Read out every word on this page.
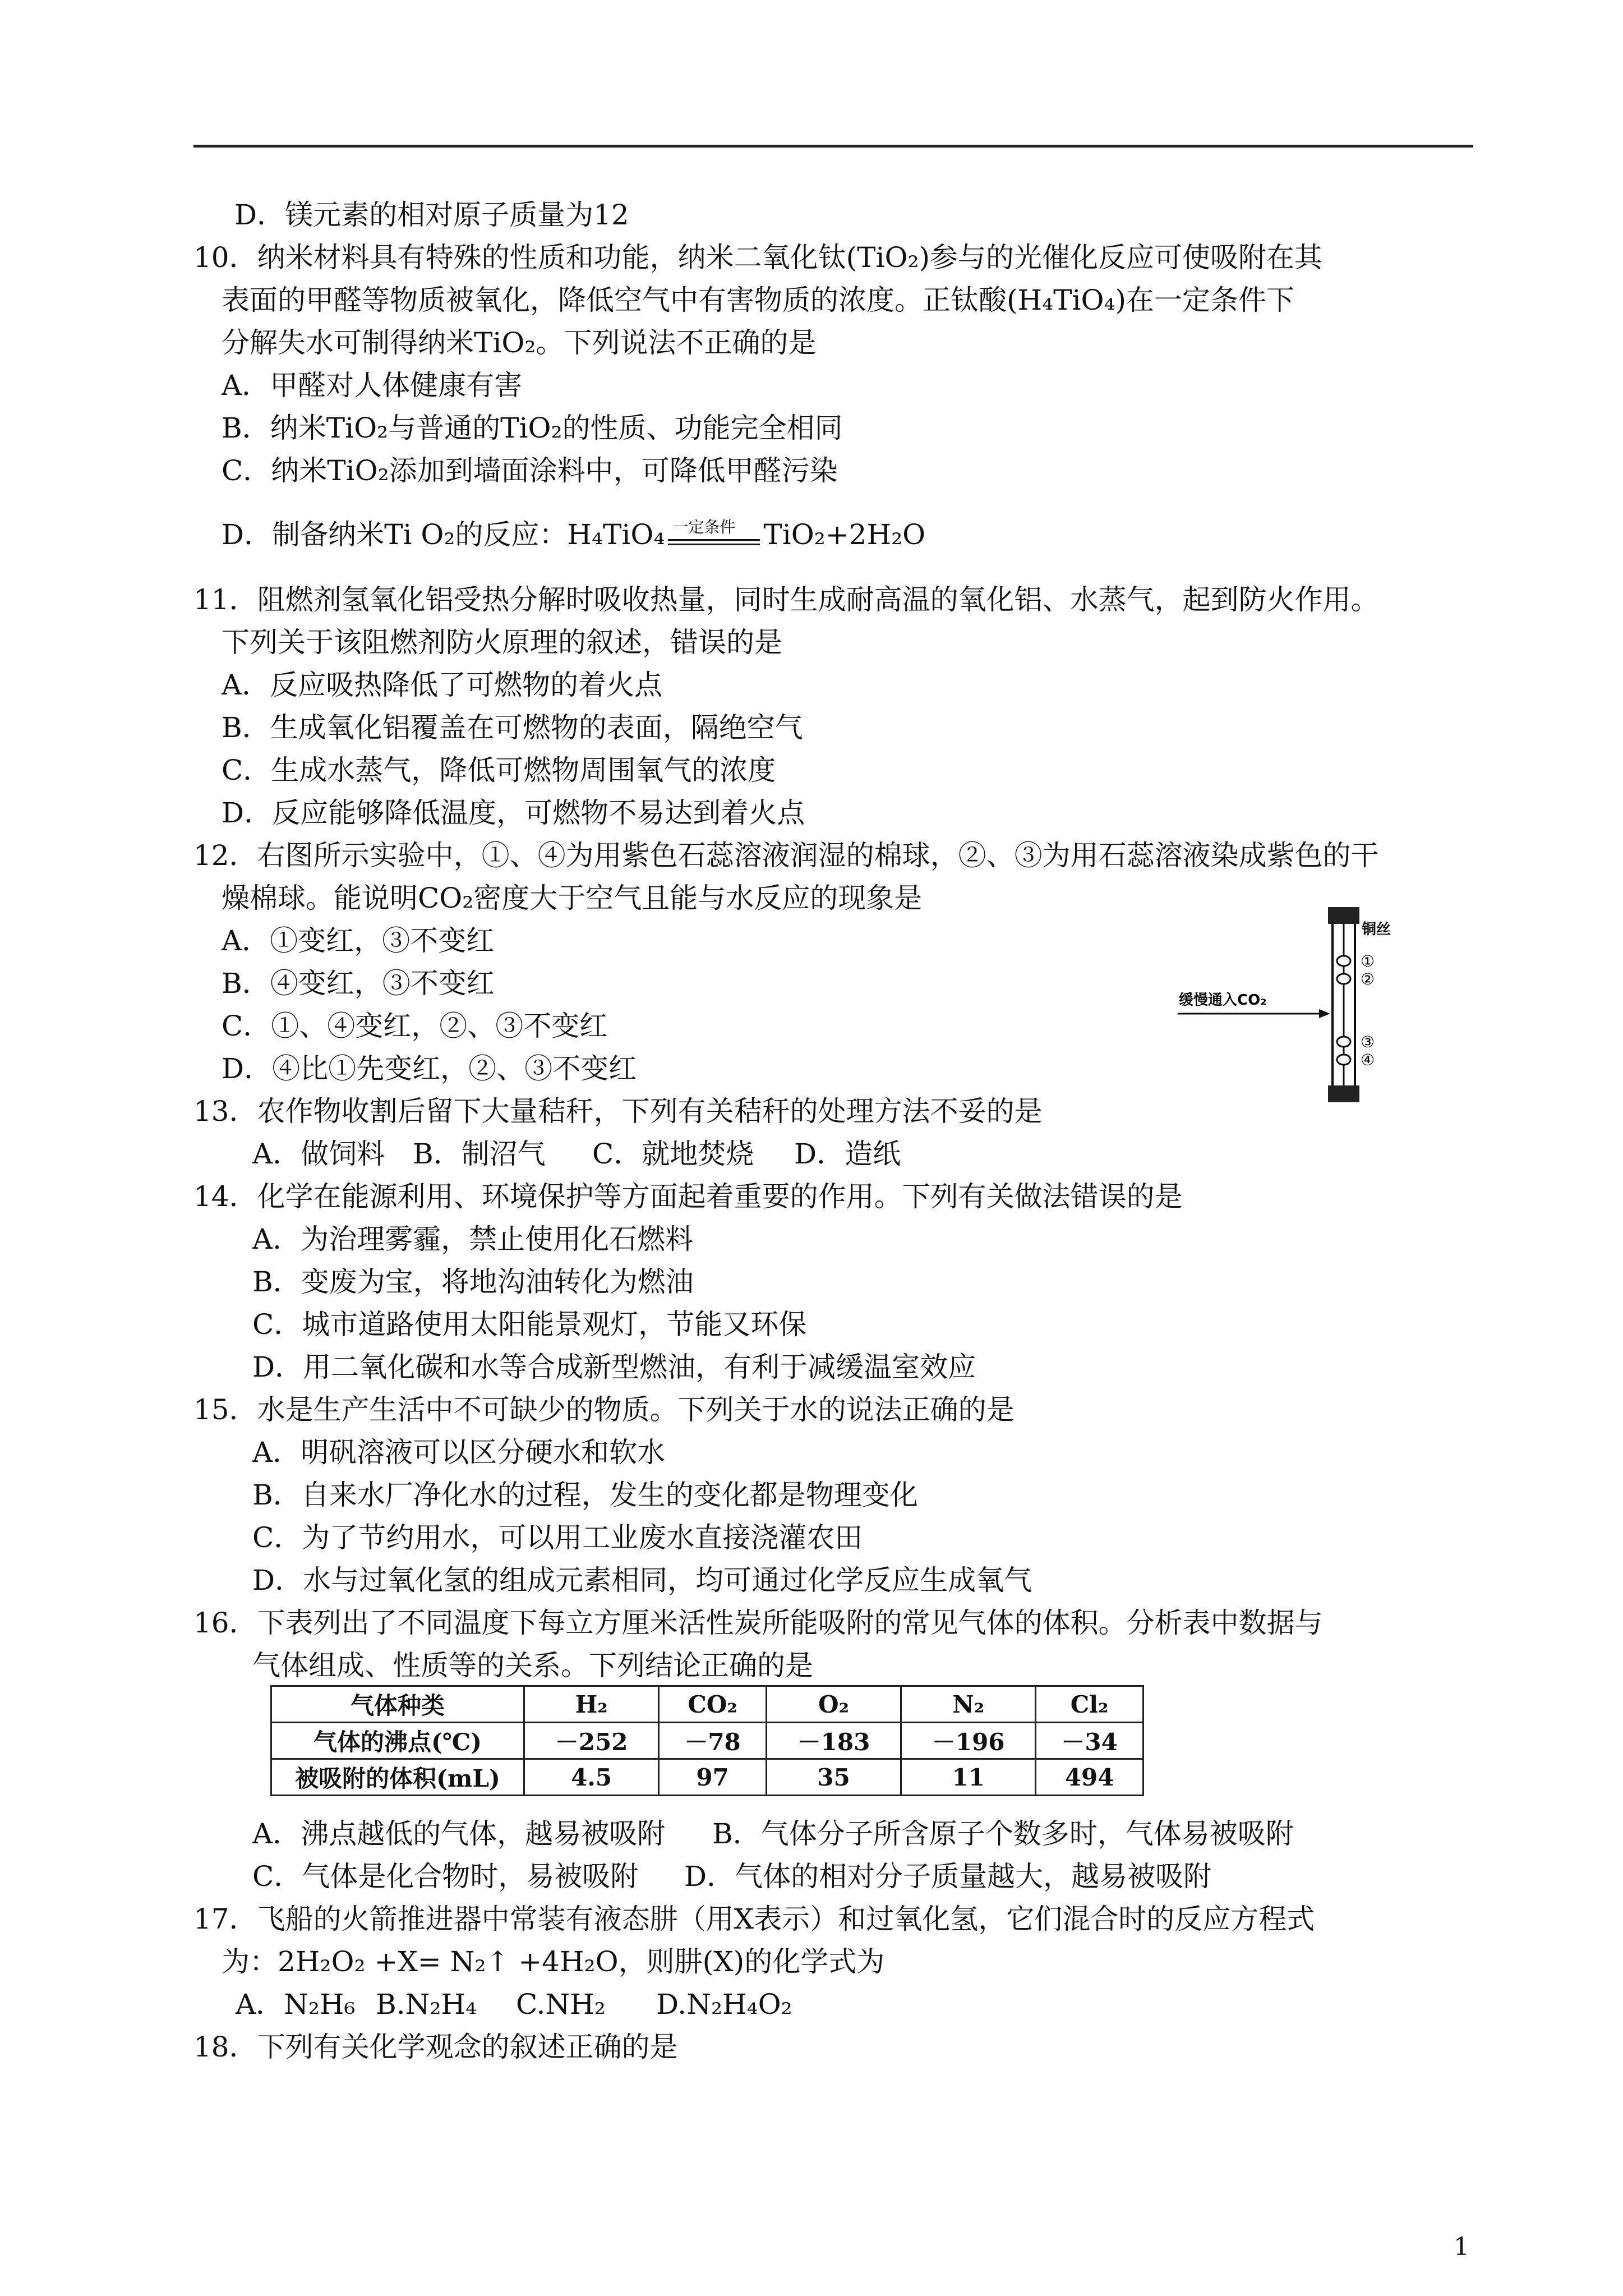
D．镁元素的相对原子质量为12
10．纳米材料具有特殊的性质和功能，纳米二氧化钛(TiO₂)参与的光催化反应可使吸附在其
表面的甲醛等物质被氧化，降低空气中有害物质的浓度。正钛酸(H₄TiO₄)在一定条件下
分解失水可制得纳米TiO₂。下列说法不正确的是
A．甲醛对人体健康有害
B．纳米TiO₂与普通的TiO₂的性质、功能完全相同
C．纳米TiO₂添加到墙面涂料中，可降低甲醛污染
D．制备纳米Ti O₂的反应：H₄TiO₄ 一定条件 TiO₂+2H₂O
11．阻燃剂氢氧化铝受热分解时吸收热量，同时生成耐高温的氧化铝、水蒸气，起到防火作用。
下列关于该阻燃剂防火原理的叙述，错误的是
A．反应吸热降低了可燃物的着火点
B．生成氧化铝覆盖在可燃物的表面，隔绝空气
C．生成水蒸气，降低可燃物周围氧气的浓度
D．反应能够降低温度，可燃物不易达到着火点
12．右图所示实验中，①、④为用紫色石蕊溶液润湿的棉球，②、③为用石蕊溶液染成紫色的干
燥棉球。能说明CO₂密度大于空气且能与水反应的现象是
A．①变红，③不变红
B．④变红，③不变红
C．①、④变红，②、③不变红
D．④比①先变红，②、③不变红
缓慢通入CO₂
铜丝
①
②
③
④
13．农作物收割后留下大量秸秆，下列有关秸秆的处理方法不妥的是
A．做饲料 B．制沼气 C．就地焚烧 D．造纸
14．化学在能源利用、环境保护等方面起着重要的作用。下列有关做法错误的是
A．为治理雾霾，禁止使用化石燃料
B．变废为宝，将地沟油转化为燃油
C．城市道路使用太阳能景观灯，节能又环保
D．用二氧化碳和水等合成新型燃油，有利于减缓温室效应
15．水是生产生活中不可缺少的物质。下列关于水的说法正确的是
A．明矾溶液可以区分硬水和软水
B．自来水厂净化水的过程，发生的变化都是物理变化
C．为了节约用水，可以用工业废水直接浇灌农田
D．水与过氧化氢的组成元素相同，均可通过化学反应生成氧气
16．下表列出了不同温度下每立方厘米活性炭所能吸附的常见气体的体积。分析表中数据与
气体组成、性质等的关系。下列结论正确的是
气体种类	H₂	CO₂	O₂	N₂	Cl₂
气体的沸点(℃)	－252	－78	－183	－196	－34
被吸附的体积(mL)	4.5	97	35	11	494
A．沸点越低的气体，越易被吸附 B．气体分子所含原子个数多时，气体易被吸附
C．气体是化合物时，易被吸附 D．气体的相对分子质量越大，越易被吸附
17．飞船的火箭推进器中常装有液态肼（用X表示）和过氧化氢，它们混合时的反应方程式
为：2H₂O₂ +X= N₂↑ +4H₂O，则肼(X)的化学式为
A．N₂H₆ B.N₂H₄ C.NH₂ D.N₂H₄O₂
18．下列有关化学观念的叙述正确的是
1
